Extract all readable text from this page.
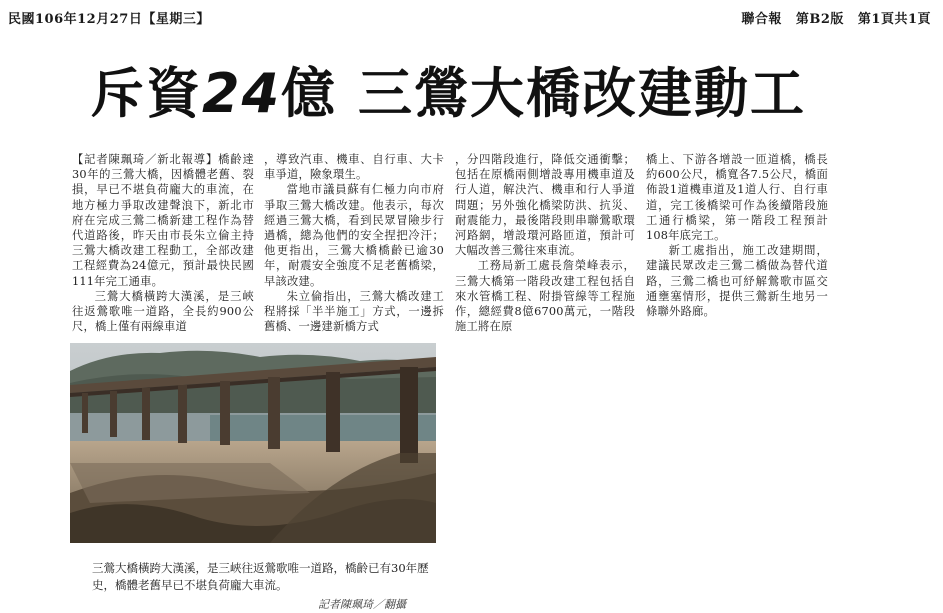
民國106年12月27日【星期三】	聯合報 第B2版 第1頁共1頁
斥資24億 三鶯大橋改建動工

【記者陳珮琦／新北報導】橋齡達30年的三鶯大橋，因橋體老舊、裂損，早已不堪負荷龐大的車流，在地方極力爭取改建聲浪下，新北市府在完成三鶯二橋新建工程作為替代道路後，昨天由市長朱立倫主持三鶯大橋改建工程動工，全部改建工程經費為24億元，預計最快民國111年完工通車。

三鶯大橋橫跨大漢溪，是三峽往返鶯歌唯一道路，全長約900公尺，橋上僅有兩線車道

，導致汽車、機車、自行車、大卡車爭道，險象環生。

當地市議員蘇有仁極力向市府爭取三鶯大橋改建。他表示，每次經過三鶯大橋，看到民眾冒險步行過橋，總為他們的安全捏把冷汗；他更指出，三鶯大橋橋齡已逾30年，耐震安全強度不足老舊橋梁，早該改建。

朱立倫指出，三鶯大橋改建工程將採「半半施工」方式，一邊拆舊橋、一邊建新橋方式

，分四階段進行，降低交通衝擊；包括在原橋兩側增設專用機車道及行人道，解決汽、機車和行人爭道問題；另外強化橋梁防洪、抗災、耐震能力，最後階段則串聯鶯歌環河路網，增設環河路匝道，預計可大幅改善三鶯往來車流。

工務局新工處長詹榮峰表示，三鶯大橋第一階段改建工程包括自來水管橋工程、附掛管線等工程施作，總經費8億6700萬元，一階段施工將在原

橋上、下游各增設一匝道橋，橋長約600公尺，橋寬各7.5公尺，橋面佈設1道機車道及1道人行、自行車道，完工後橋梁可作為後續階段施工通行橋梁，第一階段工程預計108年底完工。

新工處指出，施工改建期間，建議民眾改走三鶯二橋做為替代道路，三鶯二橋也可紓解鶯歌市區交通壅塞情形，提供三鶯新生地另一條聯外路廊。

三鶯大橋橫跨大漢溪，是三峽往返鶯歌唯一道路，橋齡已有30年歷史，橋體老舊早已不堪負荷龐大車流。
記者陳珮琦／翻攝
